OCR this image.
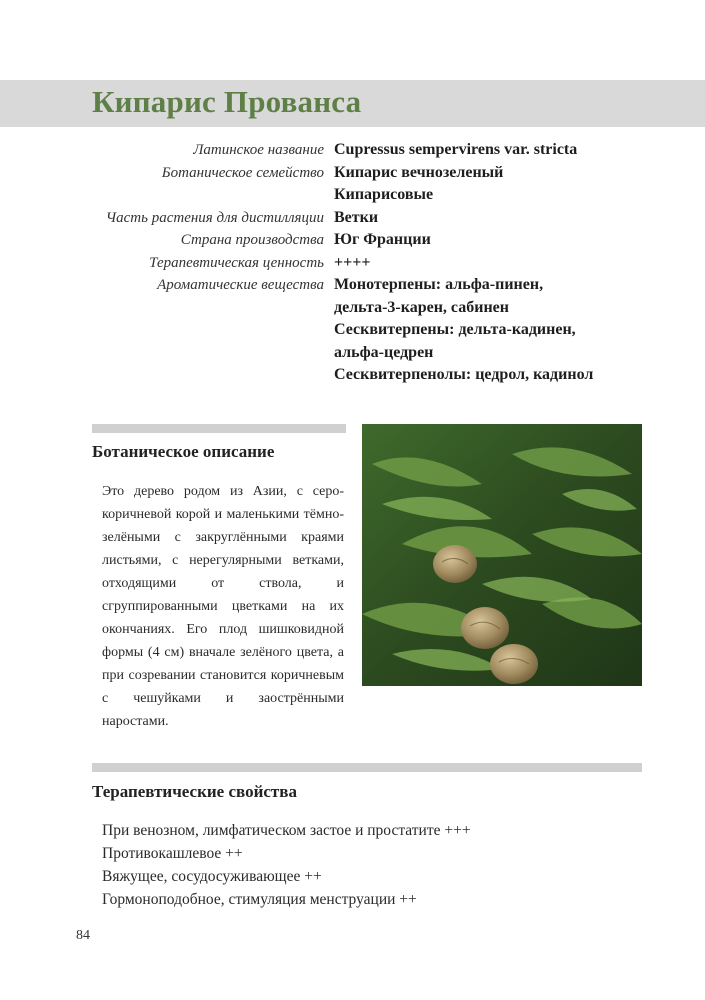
Кипарис Прованса
Латинское название Cupressus sempervirens var. stricta
Ботаническое семейство Кипарис вечнозеленый
Кипарисовые
Часть растения для дистилляции Ветки
Страна производства Юг Франции
Терапевтическая ценность ++++
Ароматические вещества Монотерпены: альфа-пинен,
дельта-3-карен, сабинен
Сесквитерпены: дельта-кадинен,
альфа-цедрен
Сесквитерпенолы: цедрол, кадинол
Ботаническое описание
Это дерево родом из Азии, с серо-коричневой корой и маленькими тёмно-зелёными с закруглёнными краями листьями, с нерегулярными ветками, отходящими от ствола, и сгруппированными цветками на их окончаниях. Его плод шишковидной формы (4 см) вначале зелёного цвета, а при созревании становится коричневым с чешуйками и заострёнными наростами.
Терапевтические свойства
При венозном, лимфатическом застое и простатите +++
Противокашлевое ++
Вяжущее, сосудосуживающее ++
Гормоноподобное, стимуляция менструации ++
84
